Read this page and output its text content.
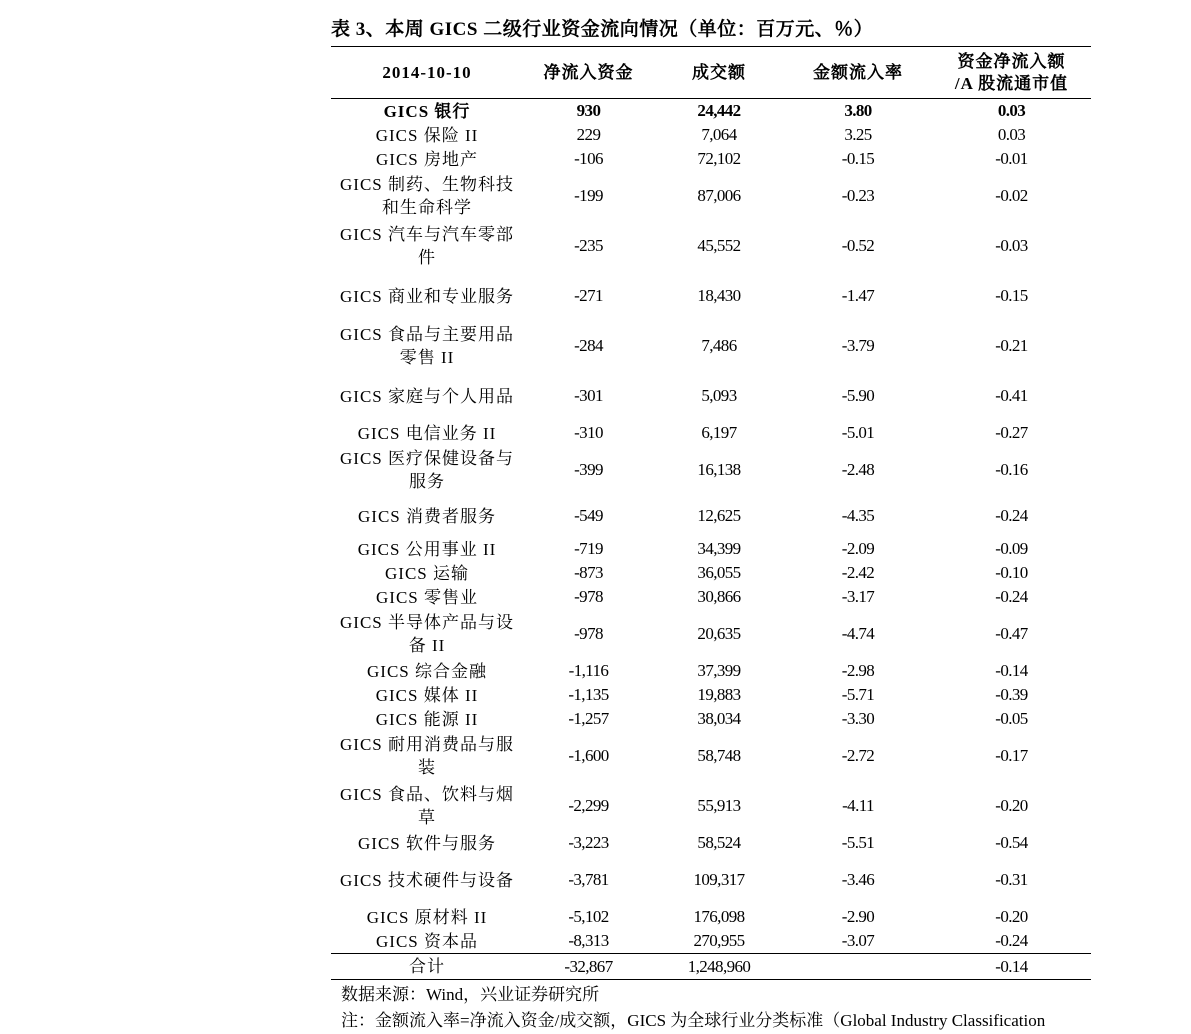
表 3、本周 GICS 二级行业资金流向情况（单位：百万元、％）
2014-10-10	净流入资金	成交额	金额流入率	资金净流入额
/A 股流通市值

GICS 银行	930	24,442	3.80	0.03
GICS 保险 II	229	7,064	3.25	0.03
GICS 房地产	-106	72,102	-0.15	-0.01
GICS 制药、生物科技和生命科学	-199	87,006	-0.23	-0.02
GICS 汽车与汽车零部件	-235	45,552	-0.52	-0.03
GICS 商业和专业服务	-271	18,430	-1.47	-0.15
GICS 食品与主要用品零售 II	-284	7,486	-3.79	-0.21
GICS 家庭与个人用品	-301	5,093	-5.90	-0.41
GICS 电信业务 II	-310	6,197	-5.01	-0.27
GICS 医疗保健设备与服务	-399	16,138	-2.48	-0.16
GICS 消费者服务	-549	12,625	-4.35	-0.24
GICS 公用事业 II	-719	34,399	-2.09	-0.09
GICS 运输	-873	36,055	-2.42	-0.10
GICS 零售业	-978	30,866	-3.17	-0.24
GICS 半导体产品与设备 II	-978	20,635	-4.74	-0.47
GICS 综合金融	-1,116	37,399	-2.98	-0.14
GICS 媒体 II	-1,135	19,883	-5.71	-0.39
GICS 能源 II	-1,257	38,034	-3.30	-0.05
GICS 耐用消费品与服装	-1,600	58,748	-2.72	-0.17
GICS 食品、饮料与烟草	-2,299	55,913	-4.11	-0.20
GICS 软件与服务	-3,223	58,524	-5.51	-0.54
GICS 技术硬件与设备	-3,781	109,317	-3.46	-0.31
GICS 原材料 II	-5,102	176,098	-2.90	-0.20
GICS 资本品	-8,313	270,955	-3.07	-0.24
合计	-32,867	1,248,960		-0.14
数据来源：Wind，兴业证券研究所
注：金额流入率=净流入资金/成交额，GICS 为全球行业分类标准（Global Industry Classification
